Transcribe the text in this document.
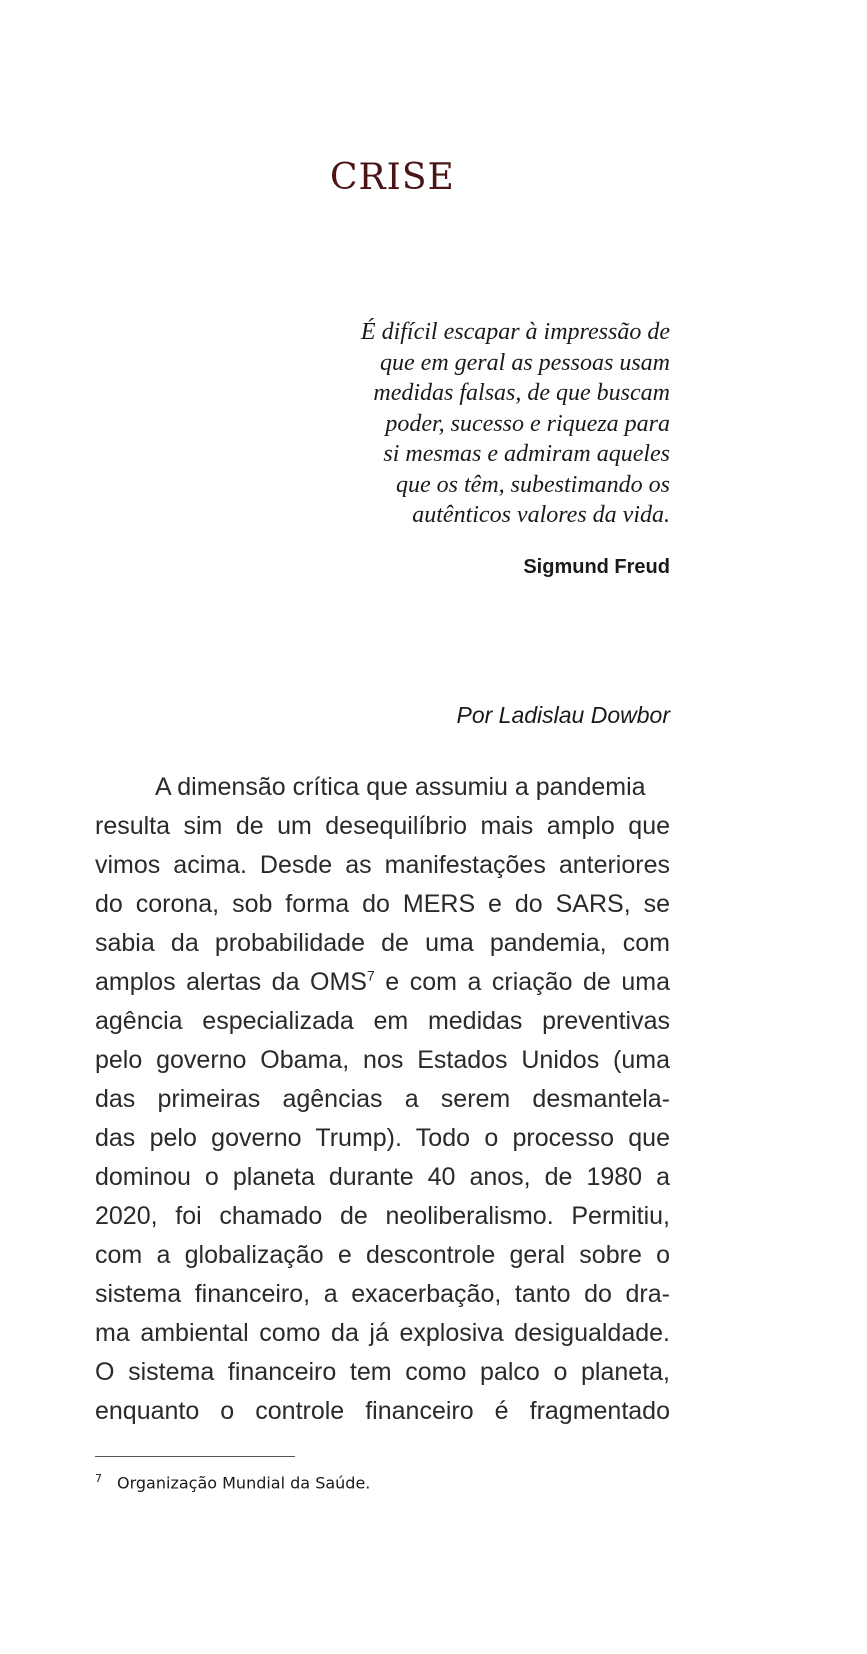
CRISE
É difícil escapar à impressão de
que em geral as pessoas usam
medidas falsas, de que buscam
poder, sucesso e riqueza para
si mesmas e admiram aqueles
que os têm, subestimando os
autênticos valores da vida.
Sigmund Freud
Por Ladislau Dowbor
A dimensão crítica que assumiu a pandemia
resulta sim de um desequilíbrio mais amplo que
vimos acima. Desde as manifestações anteriores
do corona, sob forma do MERS e do SARS, se
sabia da probabilidade de uma pandemia, com
amplos alertas da OMS$^7$ e com a criação de uma
agência especializada em medidas preventivas
pelo governo Obama, nos Estados Unidos (uma
das primeiras agências a serem desmantela-
das pelo governo Trump). Todo o processo que
dominou o planeta durante 40 anos, de 1980 a
2020, foi chamado de neoliberalismo. Permitiu,
com a globalização e descontrole geral sobre o
sistema financeiro, a exacerbação, tanto do dra-
ma ambiental como da já explosiva desigualdade.
O sistema financeiro tem como palco o planeta,
enquanto o controle financeiro é fragmentado
7 Organização Mundial da Saúde.
